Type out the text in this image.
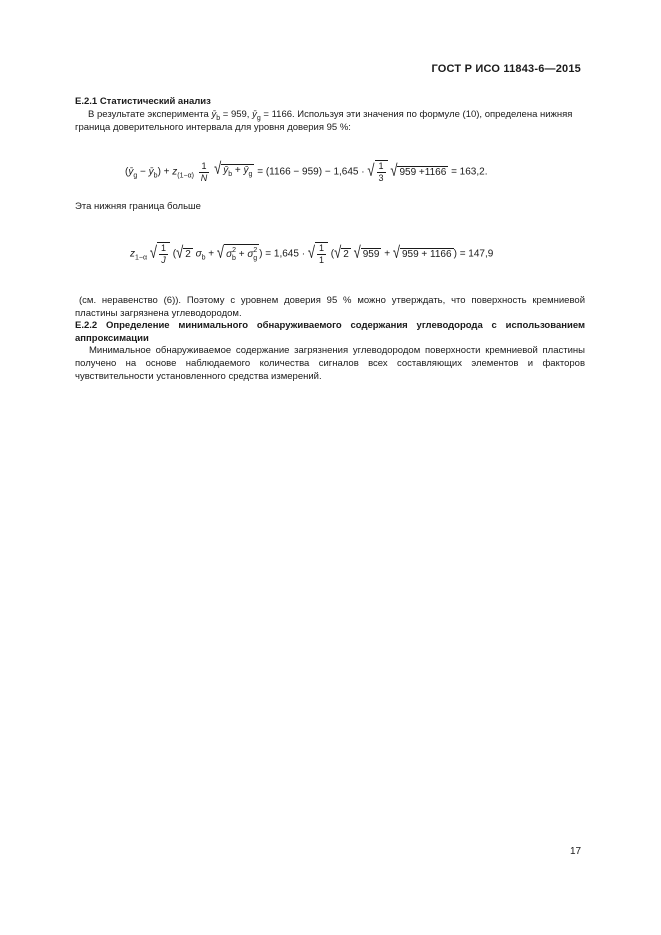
ГОСТ Р ИСО 11843-6—2015
Е.2.1 Статистический анализ
В результате эксперимента $ȳ_b = 959$, $ȳ_g = 1166$. Используя эти значения по формуле (10), определена нижняя
граница доверительного интервала для уровня доверия 95 %:
($ȳ_g$ − $ȳ_b) + z_{(1-\alpha)} \frac{1}{N}$ √ $ȳ_b$ + $ȳ_g = (1166 - 959) - 1,645$ · √ $\frac{1}{3}$ √ 959 +1166 = 163,2.
Эта нижняя граница больше
$z_{1-\alpha}$ √ $\frac{1}{J}$ (√ 2 $\sigma_b$ + √ $\sigma^2_b + \sigma^2_g$ ) = 1,645 · √ $\frac{1}{1}$ (√ 2 √ 959 + √ 959 + 1166 ) = 147,9
(см. неравенство (6)). Поэтому с уровнем доверия 95 % можно утверждать, что поверхность кремниевой пластины загрязнена углеводородом.
Е.2.2 Определение минимального обнаруживаемого содержания углеводорода с использованием аппроксимации
Минимальное обнаруживаемое содержание загрязнения углеводородом поверхности кремниевой пластины получено на основе наблюдаемого количества сигналов всех составляющих элементов и факторов чувствительности установленного средства измерений.
17
